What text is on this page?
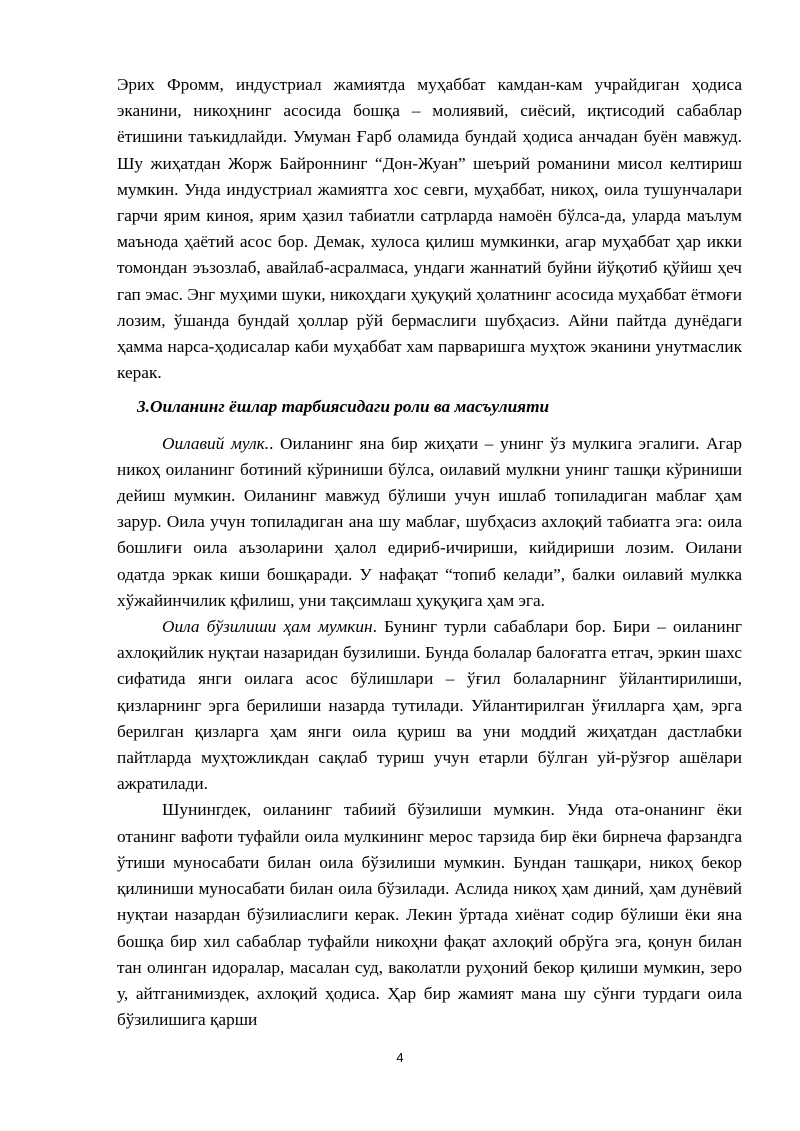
Эрих Фромм, индустриал жамиятда муҳаббат камдан-кам учрайдиган ҳодиса эканини, никоҳнинг асосида бошқа – молиявий, сиёсий, иқтисодий сабаблар ётишини таъкидлайди. Умуман Ғарб оламида бундай ҳодиса анчадан буён мавжуд. Шу жиҳатдан Жорж Байроннинг “Дон-Жуан” шеърий романини мисол келтириш мумкин. Унда индустриал жамиятга хос севги, муҳаббат, никоҳ, оила тушунчалари гарчи ярим киноя, ярим ҳазил табиатли сатрларда намоён бўлса-да, уларда маълум маънода ҳаётий асос бор. Демак, хулоса қилиш мумкинки, агар муҳаббат ҳар икки томондан эъзозлаб, авайлаб-асралмаса, ундаги жаннатий буйни йўқотиб қўйиш ҳеч гап эмас. Энг муҳими шуки, никоҳдаги ҳуқуқий ҳолатнинг асосида муҳаббат ётмоғи лозим, ўшанда бундай ҳоллар рўй бермаслиги шубҳасиз. Айни пайтда дунёдаги ҳамма нарса-ҳодисалар каби муҳаббат хам парваришга муҳтож эканини унутмаслик керак.

3.Оиланинг ёшлар тарбиясидаги роли ва масъулияти

Оилавий мулк.. Оиланинг яна бир жиҳати – унинг ўз мулкига эгалиги. Агар никоҳ оиланинг ботиний кўриниши бўлса, оилавий мулкни унинг ташқи кўриниши дейиш мумкин. Оиланинг мавжуд бўлиши учун ишлаб топиладиган маблағ ҳам зарур. Оила учун топиладиган ана шу маблағ, шубҳасиз ахлоқий табиатга эга: оила бошлиғи оила аъзоларини ҳалол едириб-ичириши, кийдириши лозим. Оилани одатда эркак киши бошқаради. У нафақат “топиб келади”, балки оилавий мулкка хўжайинчилик қфилиш, уни тақсимлаш ҳуқуқига ҳам эга.

Оила бўзилиши ҳам мумкин. Бунинг турли сабаблари бор. Бири – оиланинг ахлоқийлик нуқтаи назаридан бузилиши. Бунда болалар балоғатга етгач, эркин шахс сифатида янги оилага асос бўлишлари – ўғил болаларнинг ўйлантирилиши, қизларнинг эрга берилиши назарда тутилади. Уйлантирилган ўғилларга ҳам, эрга берилган қизларга ҳам янги оила қуриш ва уни моддий жиҳатдан дастлабки пайтларда муҳтожликдан сақлаб туриш учун етарли бўлган уй-рўзғор ашёлари ажратилади.

Шунингдек, оиланинг табиий бўзилиши мумкин. Унда ота-онанинг ёки отанинг вафоти туфайли оила мулкининг мерос тарзида бир ёки бирнеча фарзандга ўтиши муносабати билан оила бўзилиши мумкин. Бундан ташқари, никоҳ бекор қилиниши муносабати билан оила бўзилади. Аслида никоҳ ҳам диний, ҳам дунёвий нуқтаи назардан бўзилиаслиги керак. Лекин ўртада хиёнат содир бўлиши ёки яна бошқа бир хил сабаблар туфайли никоҳни фақат ахлоқий обрўга эга, қонун билан тан олинган идоралар, масалан суд, ваколатли руҳоний бекор қилиши мумкин, зеро у, айтганимиздек, ахлоқий ҳодиса. Ҳар бир жамият мана шу сўнги турдаги оила бўзилишига қарши

4
